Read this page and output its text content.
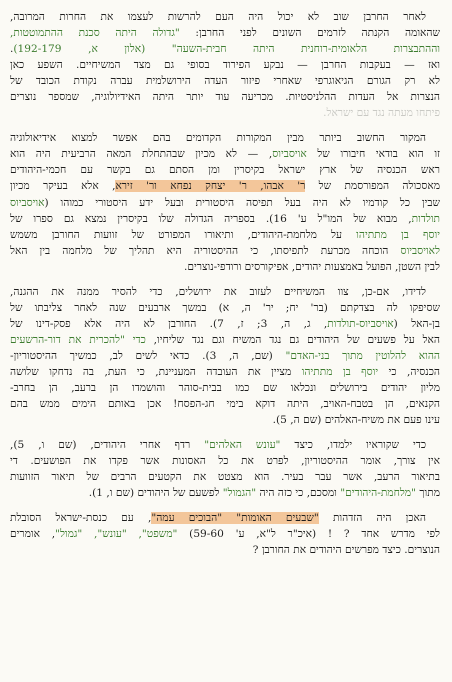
לאחר החרבן שוב לא יכול היה העם להרשות לעצמו את החרות המרובה,
שהאומה הקנתה לזרמים השונים לפני החרבן: "גדולה היתה סכנת ההתמוטטות,
וההתבצרות הלאומית-רוחנית היתה חבית-השעה" (אלון א, 192-179).
ואז — בעקבות החרבן — נבקע הפירוד בסופי גם מצד המשיחיים. השפע כאן
לא רק הגורם הגיאוגרפי שאחרי פיזור העדה הירושלמית עברה נקודת הכובד של
הנצרות אל העדות ההלניסטיות. מכריעה עוד יותר היתה האידיולוגיה, שמספר נוצרים
פיתחו מעתה נגד עם ישראל.
המקור החשוב ביותר מבין המקורות הקדומים בהם אפשר למצוא אידיאולוגיה
זו הוא בודאי חיבורו של אויסביוס, — לא מכיון שבהתחלת המאה הרביעית היה הוא
ראש הכנסיה של ארץ ישראל בקיסרין ומן הסתם גם בקשר עם חכמי-היהודים
מאסכולה המפורסמת של ר' אבהו, ר' יצחק נפחא ור' זירא, אלא בעיקר מכיון
שבין כל קודמיו לא היה בעל תפיסה היסטורית ובעל ידע היסטורי כמוהו (אויסביוס
תולדות, מבוא של המו"ל ע' 16). בספריה הגדולה שלו בקיסרין נמצא גם ספרו של
יוסף בן מתתיהו על מלחמת-היהודים, ותיאורו המפורט של זוועות החורבן משמש
לאויסביוס הוכחה מכרעת לתפיסתו, כי ההיסטוריה היא תהליך של מלחמה בין האל
לבין השטן, הפועל באמצעות יהודים, אפיקורסים ורודפי-נוצרים.
לדידו, אם-כן, צוו המשיחיים לעזוב את ירושלים, כדי להסיר ממנה את ההגנה,
שסיפקו לה בצדקתם (בר' יח; יר' ה, א) במשך ארבעים שנה לאחר צליבתו של
בן-האל (אויסביוס-תולדות, ג, ה, 3; ז, 7). החורבן לא היה אלא פסק-דינו של
האל על פשעים של היהודים גם נגד המשיח וגם נגד שליחיו, כדי "להכרית את דור-הרשעים
ההוא להלוטין מתוך בני-האדם" (שם, ה, 3). כדאי לשים לב, כמשיך ההיסטוריון-
הכנסיה, כי יוסף בן מתתיהו מציין את העובדה המעניינת, כי העת, בה נדחקו שלושה
מליון יהודים בירושלים ונכלאו שם כמו בבית-סוהר והושמדו הן ברעב, הן בחרב-
הקנאים, הן בטבח-האויב, היתה דוקא בימי חג-הפסח! אכן באותם הימים ממש בהם
עינו פעם את משיח-האלהים (שם ה, 5).
כדי שקוראיו ילמדו, כיצד "עונש האלהים" רדף אחרי היהודים, (שם ו, 5),
אין צורך, אומר ההיסטוריון, לפרט את כל האסונות אשר פקדו את הפושעים. די
בתיאור הרעב, אשר עבר בעיר. הוא מצטט את הקטעים הרבים של תיאור הזוועות
מתוך "מלחמת-היהודים" ומסכם, כי כזה היה "הגמול" לפשעם של היהודים (שם ו, 1).
האכן היה הזדהות "שבעים האומות" "הבוכים עמה", עם כנסת-ישראל הסובלת
לפי מדרש אחד ? ! (איכ"ר ל"א, ע' 59-60) "משפט", "עונש", "גמול", אומרים
הנוצרים. כיצד מפרשים היהודים את החורבן ?
